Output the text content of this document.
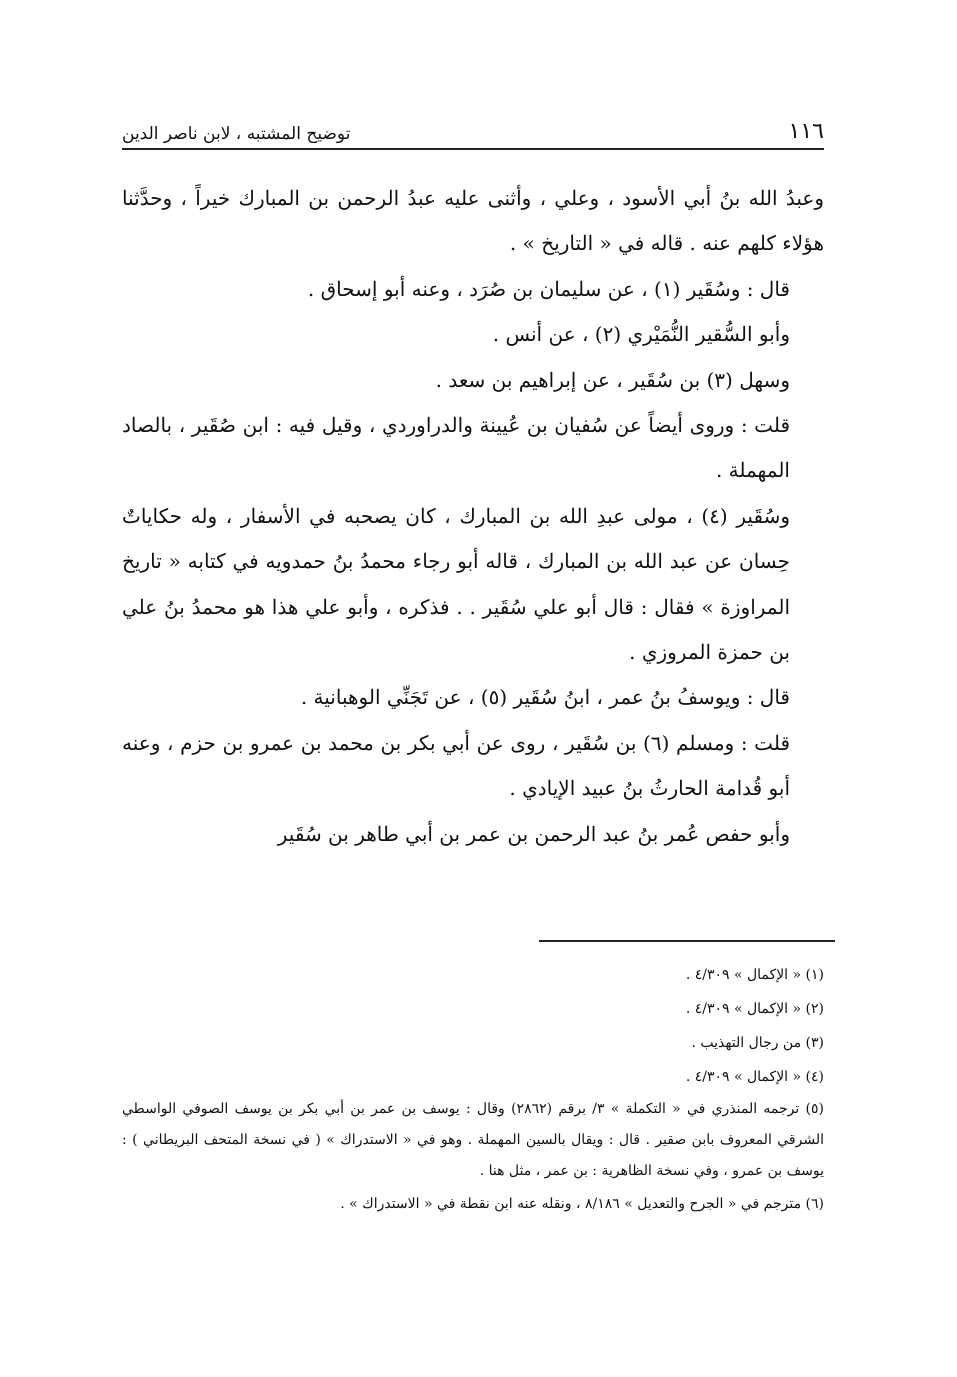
١١٦
توضيح المشتبه ، لابن ناصر الدين

وعبدُ الله بنُ أبي الأسود ، وعلي ، وأثنى عليه عبدُ الرحمن بن المبارك خيراً ، وحدَّثنا هؤلاء كلهم عنه . قاله في « التاريخ » .

قال : وسُقَير (١) ، عن سليمان بن صُرَد ، وعنه أبو إسحاق .

وأبو السُّقير النُّمَيْري (٢) ، عن أنس .

وسهل (٣) بن سُقَير ، عن إبراهيم بن سعد .

قلت : وروى أيضاً عن سُفيان بن عُيينة والدراوردي ، وقيل فيه : ابن صُقَير ، بالصاد المهملة .

وسُقَير (٤) ، مولى عبدِ الله بن المبارك ، كان يصحبه في الأسفار ، وله حكاياتٌ حِسان عن عبد الله بن المبارك ، قاله أبو رجاء محمدُ بنُ حمدويه في كتابه « تاريخ المراوزة » فقال : قال أبو علي سُقَير . . فذكره ، وأبو علي هذا هو محمدُ بنُ علي بن حمزة المروزي .

قال : ويوسفُ بنُ عمر ، ابنُ سُقَير (٥) ، عن تَجَنِّي الوهبانية .

قلت : ومسلم (٦) بن سُقَير ، روى عن أبي بكر بن محمد بن عمرو بن حزم ، وعنه أبو قُدامة الحارثُ بنُ عبيد الإيادي .

وأبو حفص عُمر بنُ عبد الرحمن بن عمر بن أبي طاهر بن سُقَير

(١) « الإكمال » ٤/٣٠٩ .

(٢) « الإكمال » ٤/٣٠٩ .

(٣) من رجال التهذيب .

(٤) « الإكمال » ٤/٣٠٩ .

(٥) ترجمه المنذري في « التكملة » ٣/ برقم (٢٨٦٢) وقال : يوسف بن عمر بن أبي بكر بن يوسف الصوفي الواسطي الشرقي المعروف بابن صقير . قال : ويقال بالسين المهملة . وهو في « الاستدراك » ( في نسخة المتحف البريطاني ) : يوسف بن عمرو ، وفي نسخة الظاهرية : بن عمر ، مثل هنا .

(٦) مترجم في « الجرح والتعديل » ٨/١٨٦ ، ونقله عنه ابن نقطة في « الاستدراك » .
